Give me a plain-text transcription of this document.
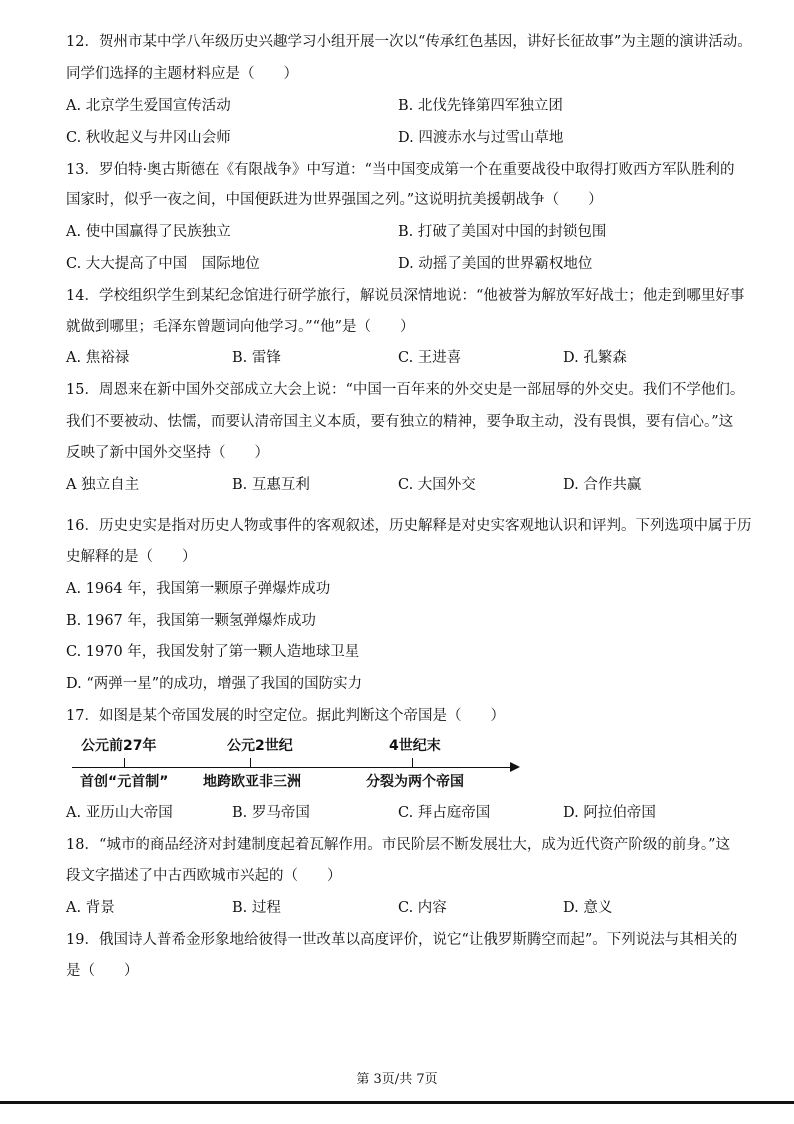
12．贺州市某中学八年级历史兴趣学习小组开展一次以“传承红色基因，讲好长征故事”为主题的演讲活动。
同学们选择的主题材料应是（　　）
A. 北京学生爱国宣传活动	B. 北伐先锋第四军独立团
C. 秋收起义与井冈山会师	D. 四渡赤水与过雪山草地
13．罗伯特·奥古斯德在《有限战争》中写道：“当中国变成第一个在重要战役中取得打败西方军队胜利的
国家时，似乎一夜之间，中国便跃进为世界强国之列。”这说明抗美援朝战争（　　）
A. 使中国赢得了民族独立	B. 打破了美国对中国的封锁包围
C. 大大提高了中国　国际地位	D. 动摇了美国的世界霸权地位
14．学校组织学生到某纪念馆进行研学旅行，解说员深情地说：“他被誉为解放军好战士；他走到哪里好事
就做到哪里；毛泽东曾题词向他学习。”“他”是（　　）
A. 焦裕禄	B. 雷锋	C. 王进喜	D. 孔繁森
15．周恩来在新中国外交部成立大会上说：“中国一百年来的外交史是一部屈辱的外交史。我们不学他们。
我们不要被动、怯懦，而要认清帝国主义本质，要有独立的精神，要争取主动，没有畏惧，要有信心。”这
反映了新中国外交坚持（　　）
A 独立自主	B. 互惠互利	C. 大国外交	D. 合作共赢
16．历史史实是指对历史人物或事件的客观叙述，历史解释是对史实客观地认识和评判。下列选项中属于历
史解释的是（　　）
A. 1964 年，我国第一颗原子弹爆炸成功
B. 1967 年，我国第一颗氢弹爆炸成功
C. 1970 年，我国发射了第一颗人造地球卫星
D. “两弹一星”的成功，增强了我国的国防实力
17．如图是某个帝国发展的时空定位。据此判断这个帝国是（　　）
公元前27年	公元2世纪	4世纪末
首创“元首制” 地跨欧亚非三洲	分裂为两个帝国
A. 亚历山大帝国	B. 罗马帝国	C. 拜占庭帝国	D. 阿拉伯帝国
18．“城市的商品经济对封建制度起着瓦解作用。市民阶层不断发展壮大，成为近代资产阶级的前身。”这
段文字描述了中古西欧城市兴起的（　　）
A. 背景	B. 过程	C. 内容	D. 意义
19．俄国诗人普希金形象地给彼得一世改革以高度评价，说它“让俄罗斯腾空而起”。下列说法与其相关的
是（　　）
第 3页/共 7页
